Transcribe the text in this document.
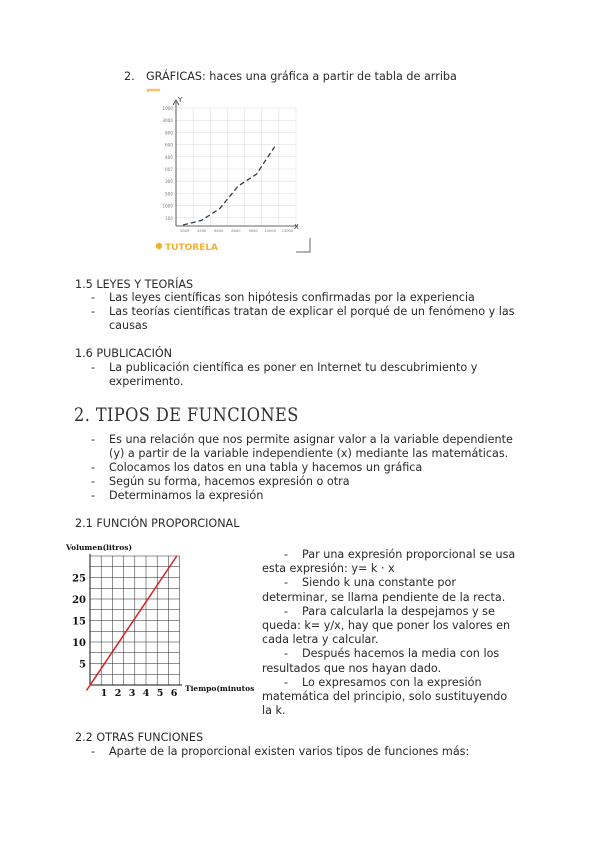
2. GRÁFICAS: haces una gráfica a partir de tabla de arriba
100
1000
500
300
007
400
600
800
3000
1000
2000 4500 6000 8000 9000 12000 13000 X
Y
TUTORELA
1.5 LEYES Y TEORÍAS
-	Las leyes científicas son hipótesis confirmadas por la experiencia
-	Las teorías científicas tratan de explicar el porqué de un fenómeno y las
causas
1.6 PUBLICACIÓN
-	La publicación científica es poner en Internet tu descubrimiento y
experimento.
2. TIPOS DE FUNCIONES
-	Es una relación que nos permite asignar valor a la variable dependiente
(y) a partir de la variable independiente (x) mediante las matemáticas.
-	Colocamos los datos en una tabla y hacemos un gráfica
-	Según su forma, hacemos expresión o otra
-	Determinamos la expresión
2.1 FUNCIÓN PROPORCIONAL
Volumen(litros)
Tiempo(minutos)
5
10
15
20
25
1 2 3 4 5 6
- Par una expresión proporcional se usa
esta expresión: y= k · x
- Siendo k una constante por
determinar, se llama pendiente de la recta.
- Para calcularla la despejamos y se
queda: k= y/x, hay que poner los valores en
cada letra y calcular.
- Después hacemos la media con los
resultados que nos hayan dado.
- Lo expresamos con la expresión
matemática del principio, solo sustituyendo
la k.
2.2 OTRAS FUNCIONES
-	Aparte de la proporcional existen varios tipos de funciones más:
